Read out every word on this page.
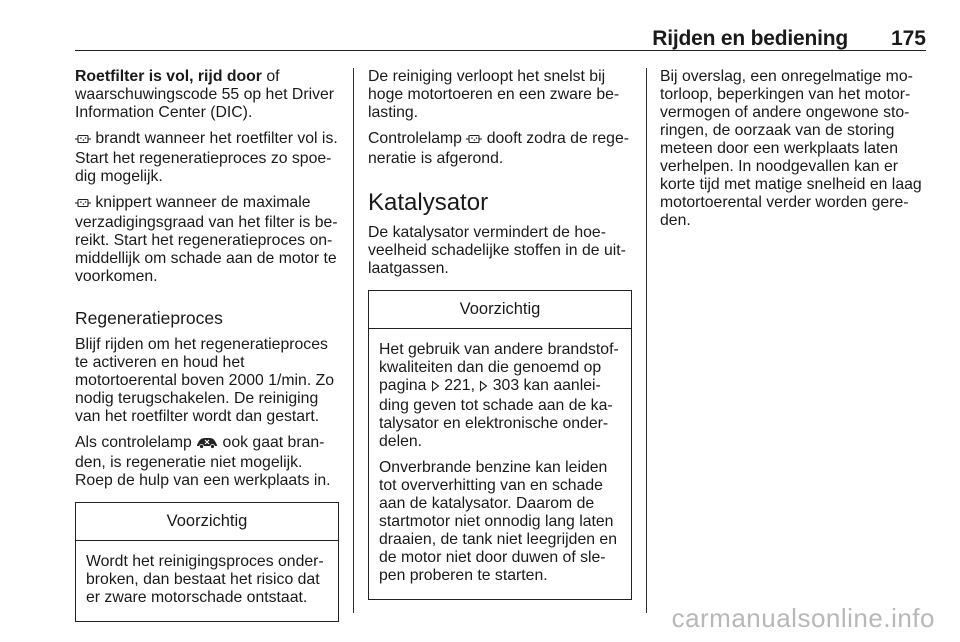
Rijden en bediening 175

Roetfilter is vol, rijd door of waarschuwingscode 55 op het Driver Information Center (DIC).

brandt wanneer het roetfilter vol is. Start het regeneratieproces zo spoedig mogelijk.

knippert wanneer de maximale verzadigingsgraad van het filter is bereikt. Start het regeneratieproces onmiddellijk om schade aan de motor te voorkomen.

Regeneratieproces

Blijf rijden om het regeneratieproces te activeren en houd het motortoerental boven 2000 1/min. Zo nodig terugschakelen. De reiniging van het roetfilter wordt dan gestart.

Als controlelamp  ook gaat branden, is regeneratie niet mogelijk. Roep de hulp van een werkplaats in.

Voorzichtig

Wordt het reinigingsproces onderbroken, dan bestaat het risico dat er zware motorschade ontstaat.

De reiniging verloopt het snelst bij hoge motortoeren en een zware belasting.

Controlelamp  dooft zodra de regeneratie is afgerond.

Katalysator

De katalysator vermindert de hoeveelheid schadelijke stoffen in de uitlaatgassen.

Voorzichtig

Het gebruik van andere brandstofkwaliteiten dan die genoemd op pagina  221,  303 kan aanleiding geven tot schade aan de katalysator en elektronische onderdelen.

Onverbrande benzine kan leiden tot oververhitting van en schade aan de katalysator. Daarom de startmotor niet onnodig lang laten draaien, de tank niet leegrijden en de motor niet door duwen of slepen proberen te starten.

Bij overslag, een onregelmatige motorloop, beperkingen van het motorvermogen of andere ongewone storingen, de oorzaak van de storing meteen door een werkplaats laten verhelpen. In noodgevallen kan er korte tijd met matige snelheid en laag motortoerental verder worden gereden.

carmanualsonline.info
